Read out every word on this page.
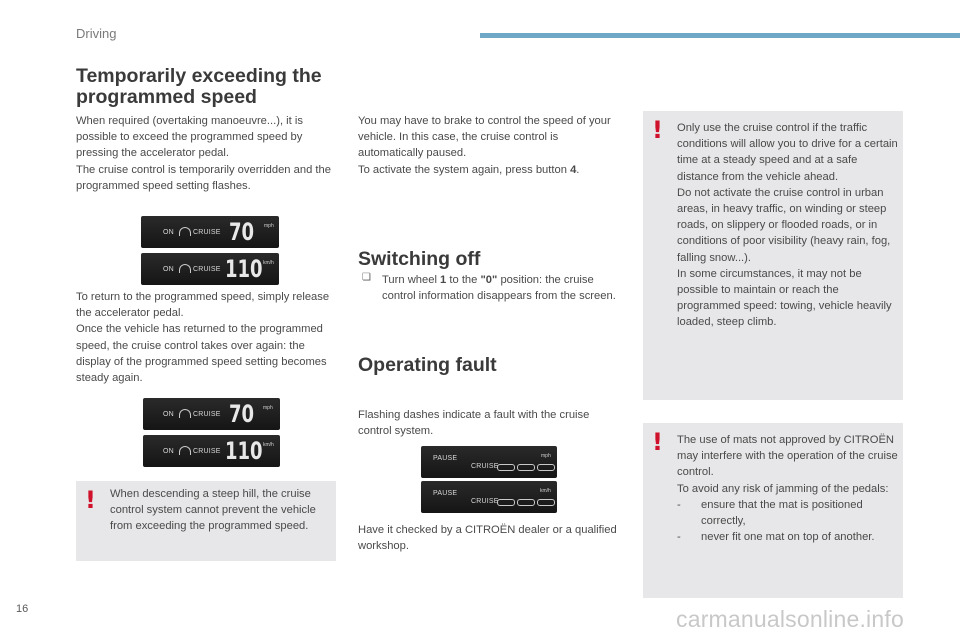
Driving
Temporarily exceeding the programmed speed

When required (overtaking manoeuvre...), it is possible to exceed the programmed speed by pressing the accelerator pedal.

The cruise control is temporarily overridden and the programmed speed setting flashes.

ON	CRUISE 70 mph
ON	CRUISE 110 km/h

To return to the programmed speed, simply release the accelerator pedal.

Once the vehicle has returned to the programmed speed, the cruise control takes over again: the display of the programmed speed setting becomes steady again.

ON	CRUISE 70 mph
ON	CRUISE 110 km/h
! When descending a steep hill, the cruise control system cannot prevent the vehicle from exceeding the programmed speed.

You may have to brake to control the speed of your vehicle. In this case, the cruise control is automatically paused.

To activate the system again, press button 4.

Switching off
❏ Turn wheel 1 to the "0" position: the cruise control information disappears from the screen.
Operating fault
Flashing dashes indicate a fault with the cruise control system.
PAUSE
CRUISE
mph
PAUSE
CRUISE
km/h
Have it checked by a CITROËN dealer or a qualified workshop.
! Only use the cruise control if the traffic conditions will allow you to drive for a certain time at a steady speed and at a safe distance from the vehicle ahead.

Do not activate the cruise control in urban areas, in heavy traffic, on winding or steep roads, on slippery or flooded roads, or in conditions of poor visibility (heavy rain, fog, falling snow...).

In some circumstances, it may not be possible to maintain or reach the programmed speed: towing, vehicle heavily loaded, steep climb.

! The use of mats not approved by CITROËN may interfere with the operation of the cruise control.

To avoid any risk of jamming of the pedals:

- ensure that the mat is positioned correctly,
- never fit one mat on top of another.
16	carmanualsonline.info
